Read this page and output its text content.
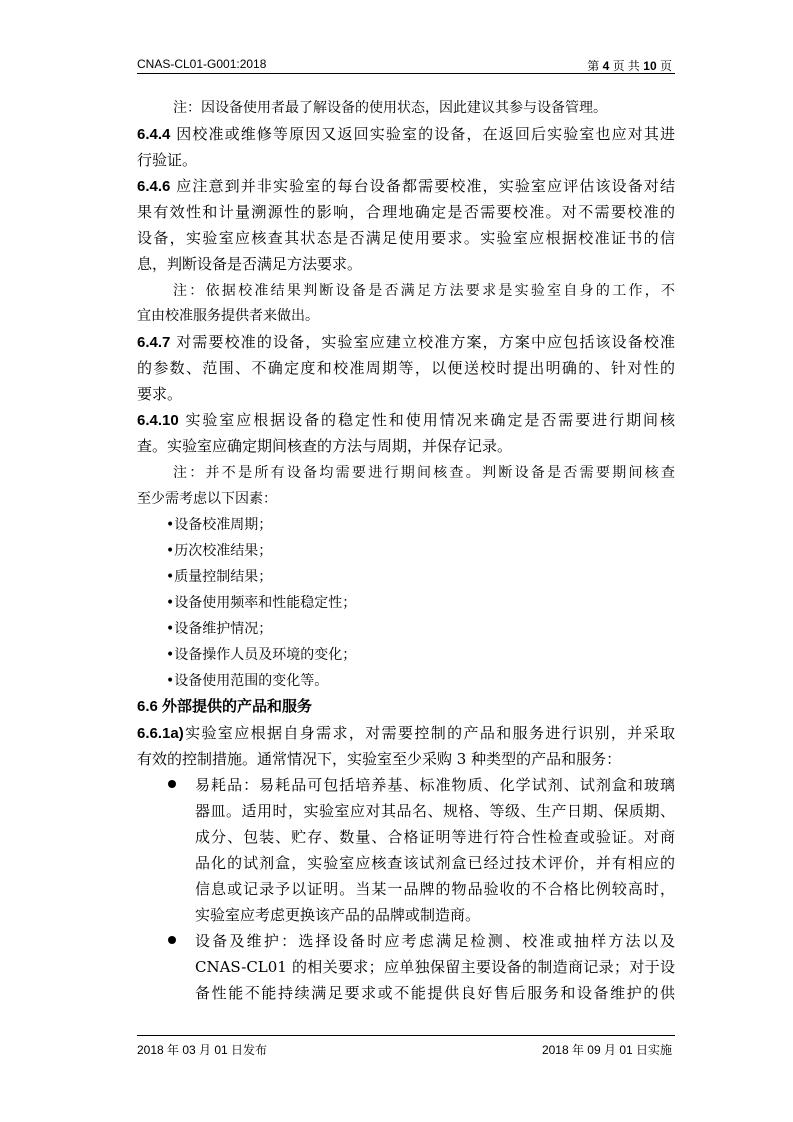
CNAS-CL01-G001:2018	第 4 页 共 10 页
注：因设备使用者最了解设备的使用状态，因此建议其参与设备管理。
6.4.4 因校准或维修等原因又返回实验室的设备，在返回后实验室也应对其进
行验证。
6.4.6 应注意到并非实验室的每台设备都需要校准，实验室应评估该设备对结
果有效性和计量溯源性的影响，合理地确定是否需要校准。对不需要校准的
设备，实验室应核查其状态是否满足使用要求。实验室应根据校准证书的信
息，判断设备是否满足方法要求。
注：依据校准结果判断设备是否满足方法要求是实验室自身的工作，不
宜由校准服务提供者来做出。
6.4.7 对需要校准的设备，实验室应建立校准方案，方案中应包括该设备校准
的参数、范围、不确定度和校准周期等，以便送校时提出明确的、针对性的
要求。
6.4.10 实验室应根据设备的稳定性和使用情况来确定是否需要进行期间核
查。实验室应确定期间核查的方法与周期，并保存记录。
注：并不是所有设备均需要进行期间核查。判断设备是否需要期间核查
至少需考虑以下因素：
•设备校准周期；
•历次校准结果；
•质量控制结果；
•设备使用频率和性能稳定性；
•设备维护情况；
•设备操作人员及环境的变化；
•设备使用范围的变化等。
6.6 外部提供的产品和服务
6.6.1a)实验室应根据自身需求，对需要控制的产品和服务进行识别，并采取
有效的控制措施。通常情况下，实验室至少采购 3 种类型的产品和服务：
易耗品：易耗品可包括培养基、标准物质、化学试剂、试剂盒和玻璃
器皿。适用时，实验室应对其品名、规格、等级、生产日期、保质期、
成分、包装、贮存、数量、合格证明等进行符合性检查或验证。对商
品化的试剂盒，实验室应核查该试剂盒已经过技术评价，并有相应的
信息或记录予以证明。当某一品牌的物品验收的不合格比例较高时，
实验室应考虑更换该产品的品牌或制造商。
设备及维护：选择设备时应考虑满足检测、校准或抽样方法以及
CNAS-CL01 的相关要求；应单独保留主要设备的制造商记录；对于设
备性能不能持续满足要求或不能提供良好售后服务和设备维护的供
2018 年 03 月 01 日发布	2018 年 09 月 01 日实施
